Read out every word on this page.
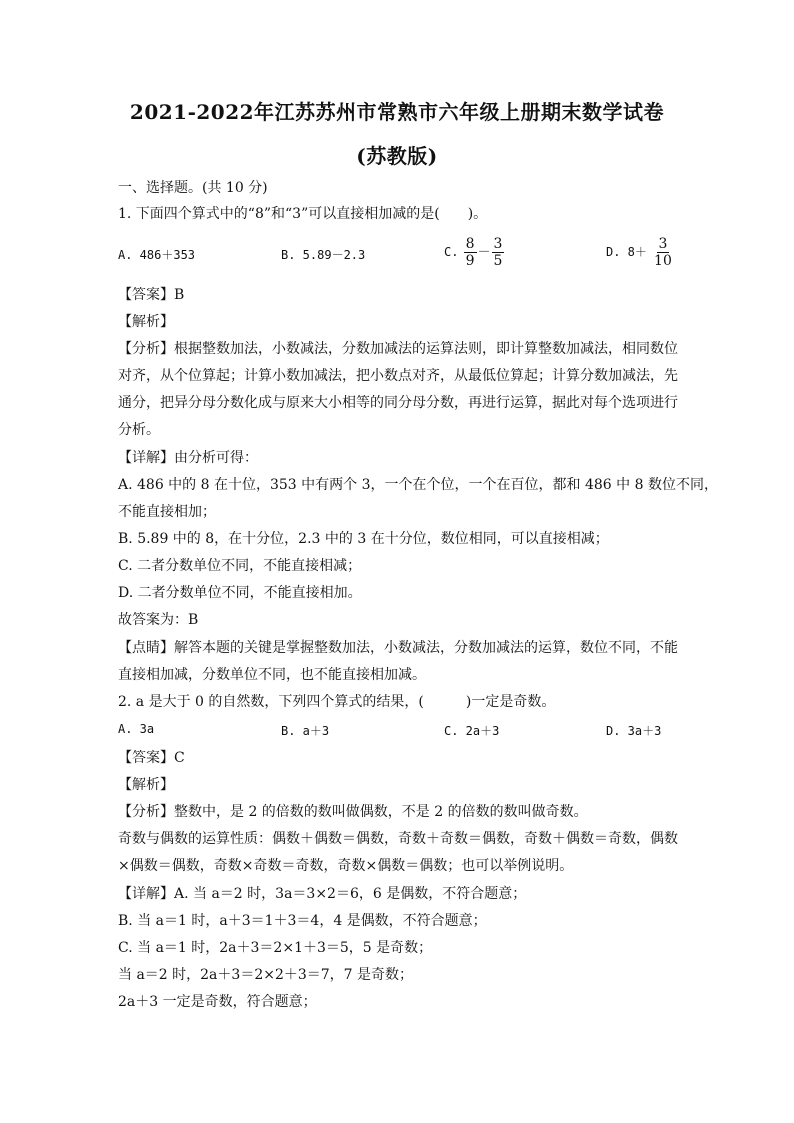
2021-2022年江苏苏州市常熟市六年级上册期末数学试卷
(苏教版)
一、选择题。(共 10 分)
1. 下面四个算式中的“8”和“3”可以直接相加减的是(　　)。
A. 486＋353	B. 5.89－2.3	C. $\frac{8}{9} - \frac{3}{5}$	D. $8+ \frac{3}{10}$
【答案】B
【解析】
【分析】根据整数加法，小数减法，分数加减法的运算法则，即计算整数加减法，相同数位
对齐，从个位算起；计算小数加减法，把小数点对齐，从最低位算起；计算分数加减法，先
通分，把异分母分数化成与原来大小相等的同分母分数，再进行运算，据此对每个选项进行
分析。
【详解】由分析可得：
A. 486 中的 8 在十位，353 中有两个 3，一个在个位，一个在百位，都和 486 中 8 数位不同，
不能直接相加；
B. 5.89 中的 8，在十分位，2.3 中的 3 在十分位，数位相同，可以直接相减；
C. 二者分数单位不同，不能直接相减；
D. 二者分数单位不同，不能直接相加。
故答案为：B
【点睛】解答本题的关键是掌握整数加法，小数减法，分数加减法的运算，数位不同，不能
直接相加减，分数单位不同，也不能直接相加减。
2. a 是大于 0 的自然数，下列四个算式的结果，(　　　)一定是奇数。
A. 3a	B. a＋3	C. 2a＋3	D. 3a＋3
【答案】C
【解析】
【分析】整数中，是 2 的倍数的数叫做偶数，不是 2 的倍数的数叫做奇数。
奇数与偶数的运算性质：偶数＋偶数＝偶数，奇数＋奇数＝偶数，奇数＋偶数＝奇数，偶数
×偶数＝偶数，奇数×奇数＝奇数，奇数×偶数＝偶数；也可以举例说明。
【详解】A. 当 a＝2 时，3a＝3×2＝6，6 是偶数，不符合题意；
B. 当 a＝1 时，a＋3＝1＋3＝4，4 是偶数，不符合题意；
C. 当 a＝1 时，2a＋3＝2×1＋3＝5，5 是奇数；
当 a＝2 时，2a＋3＝2×2＋3＝7，7 是奇数；
2a＋3 一定是奇数，符合题意；
